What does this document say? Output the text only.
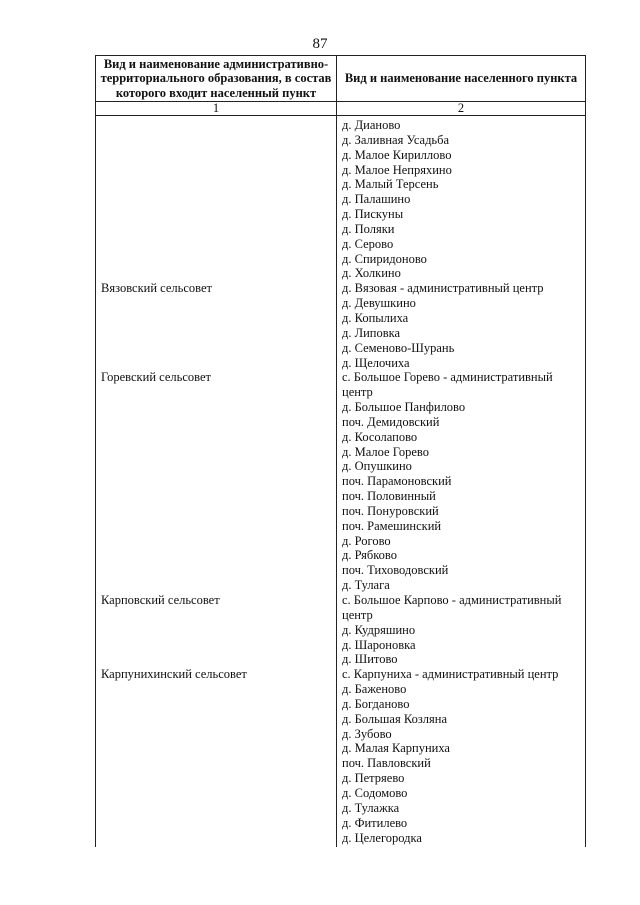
87
Вид и наименование административно-территориального образования, в состав которого входит населенный пункт
Вид и наименование населенного пункта
1	2
Вязовский сельсовет
Горевский сельсовет
Карповский сельсовет
Карпунихинский сельсовет
д. Дианово
д. Заливная Усадьба
д. Малое Кириллово
д. Малое Непряхино
д. Малый Терсень
д. Палашино
д. Пискуны
д. Поляки
д. Серово
д. Спиридоново
д. Холкино
д. Вязовая - административный центр
д. Девушкино
д. Копылиха
д. Липовка
д. Семеново-Шурань
д. Щелочиха
с. Большое Горево - административный
центр
д. Большое Панфилово
поч. Демидовский
д. Косолапово
д. Малое Горево
д. Опушкино
поч. Парамоновский
поч. Половинный
поч. Понуровский
поч. Рамешинский
д. Рогово
д. Рябково
поч. Тиховодовский
д. Тулага
с. Большое Карпово - административный
центр
д. Кудряшино
д. Шароновка
д. Шитово
с. Карпуниха - административный центр
д. Баженово
д. Богданово
д. Большая Козляна
д. Зубово
д. Малая Карпуниха
поч. Павловский
д. Петряево
д. Содомово
д. Тулажка
д. Фитилево
д. Целегородка
